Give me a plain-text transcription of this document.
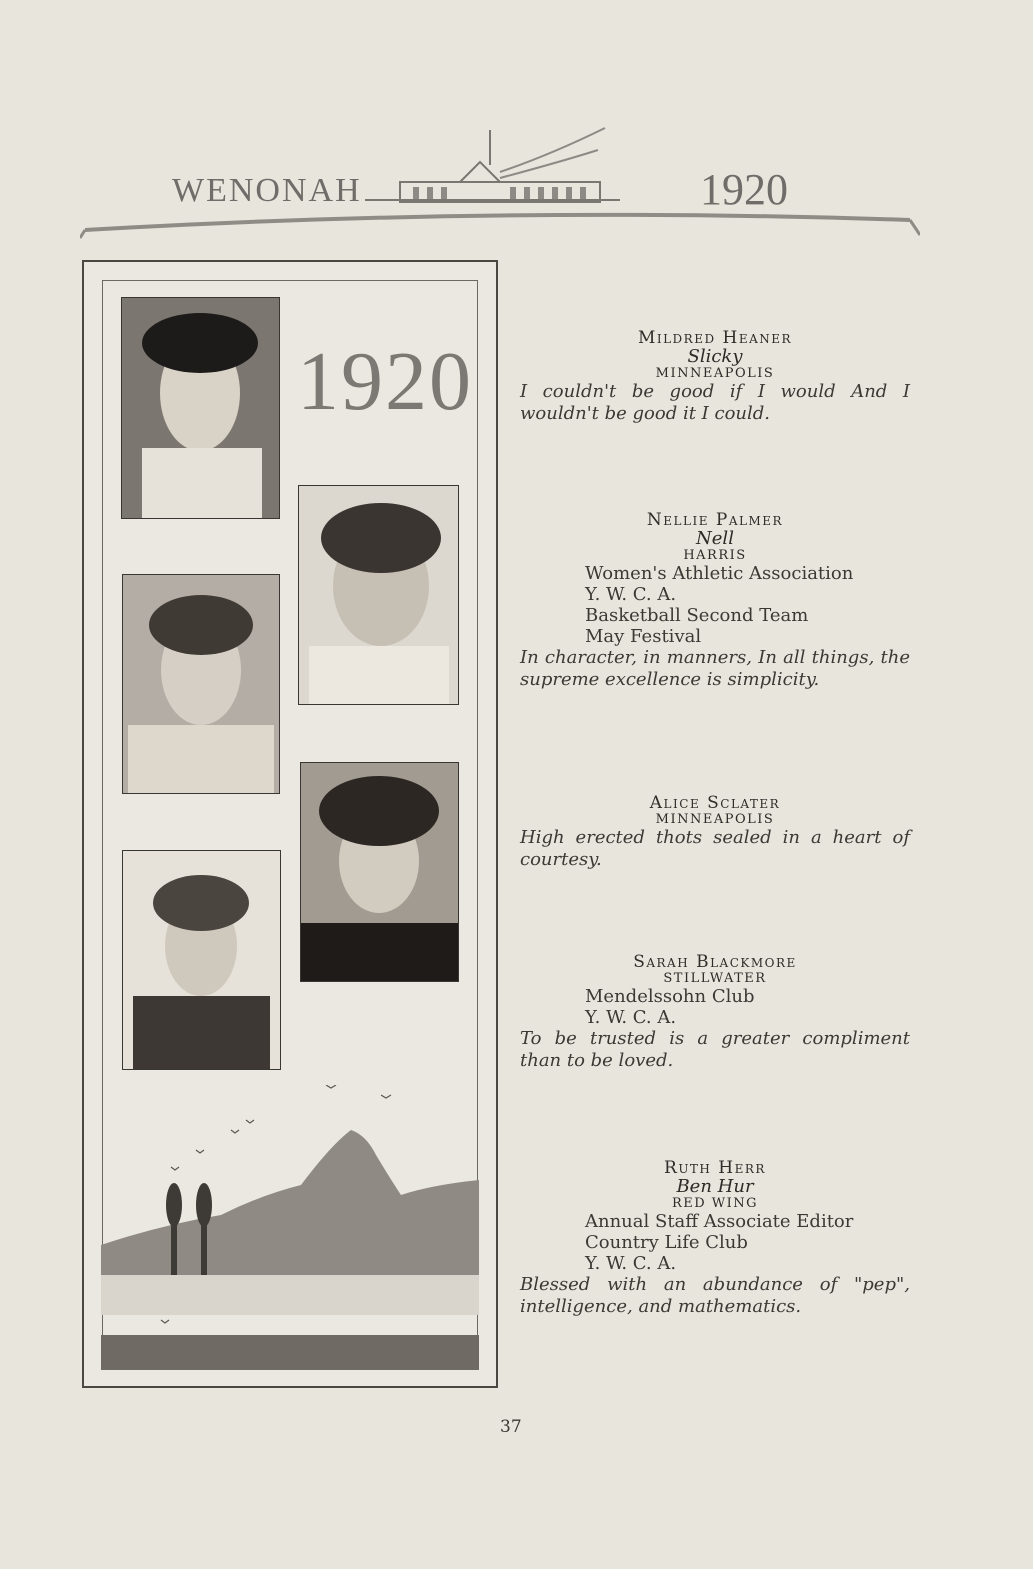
WENONAH	1920
1920	Mildred Heaner
Slicky
MINNEAPOLIS
I couldn't be good if I would And I wouldn't be good it I could.
Nellie Palmer
Nell
HARRIS
Women's Athletic Association
Y. W. C. A.
Basketball Second Team
May Festival
In character, in manners, In all things, the supreme excellence is simplicity.
Alice Sclater
MINNEAPOLIS
High erected thots sealed in a heart of courtesy.
Sarah Blackmore
STILLWATER
Mendelssohn Club
Y. W. C. A.
To be trusted is a greater compliment than to be loved.
Ruth Herr
Ben Hur
RED WING
Annual Staff Associate Editor
Country Life Club
Y. W. C. A.
Blessed with an abundance of "pep", intelligence, and mathematics.
37
